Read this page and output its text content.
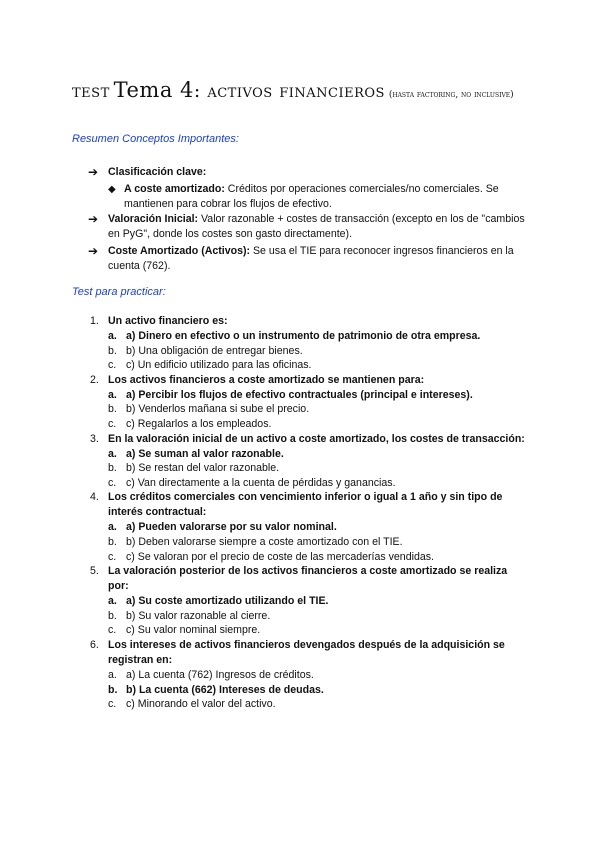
test Tema 4: activos financieros (hasta factoring, no inclusive)
Resumen Conceptos Importantes:
➔ Clasificación clave:
◆ A coste amortizado: Créditos por operaciones comerciales/no comerciales. Se mantienen para cobrar los flujos de efectivo.
➔ Valoración Inicial: Valor razonable + costes de transacción (excepto en los de "cambios en PyG", donde los costes son gasto directamente).
➔ Coste Amortizado (Activos): Se usa el TIE para reconocer ingresos financieros en la cuenta (762).
Test para practicar:
1. Un activo financiero es:
a. a) Dinero en efectivo o un instrumento de patrimonio de otra empresa.
b. b) Una obligación de entregar bienes.
c. c) Un edificio utilizado para las oficinas.
2. Los activos financieros a coste amortizado se mantienen para:
a. a) Percibir los flujos de efectivo contractuales (principal e intereses).
b. b) Venderlos mañana si sube el precio.
c. c) Regalarlos a los empleados.
3. En la valoración inicial de un activo a coste amortizado, los costes de transacción:
a. a) Se suman al valor razonable.
b. b) Se restan del valor razonable.
c. c) Van directamente a la cuenta de pérdidas y ganancias.
4. Los créditos comerciales con vencimiento inferior o igual a 1 año y sin tipo de interés contractual:
a. a) Pueden valorarse por su valor nominal.
b. b) Deben valorarse siempre a coste amortizado con el TIE.
c. c) Se valoran por el precio de coste de las mercaderías vendidas.
5. La valoración posterior de los activos financieros a coste amortizado se realiza por:
a. a) Su coste amortizado utilizando el TIE.
b. b) Su valor razonable al cierre.
c. c) Su valor nominal siempre.
6. Los intereses de activos financieros devengados después de la adquisición se registran en:
a. a) La cuenta (762) Ingresos de créditos.
b. b) La cuenta (662) Intereses de deudas.
c. c) Minorando el valor del activo.
